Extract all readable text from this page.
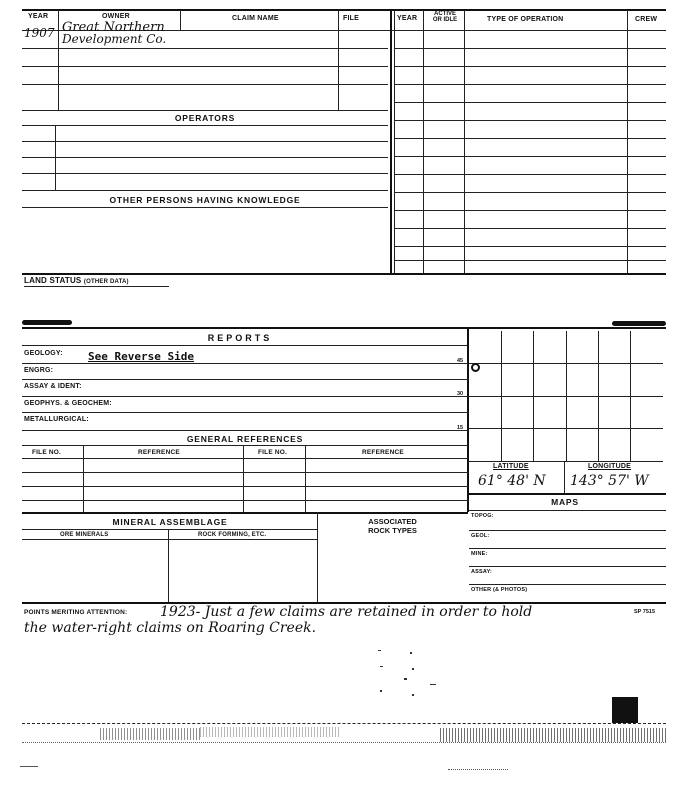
YEAR	OWNER	CLAIM NAME	FILE	YEAR
ACTIVE
OR IDLE	TYPE OF OPERATION	CREW
1907 Great Northern
Development Co.
OPERATORS
OTHER PERSONS HAVING KNOWLEDGE
LAND STATUS (OTHER DATA)
REPORTS
GEOLOGY: See Reverse Side
ENGRG:
ASSAY & IDENT:
GEOPHYS. & GEOCHEM:
METALLURGICAL:
45
30
15
GENERAL REFERENCES
FILE NO.	REFERENCE	FILE NO.	REFERENCE
LATITUDE	LONGITUDE
61° 48' N 143° 57' W
MAPS
TOPOG:
GEOL:
MINE:
ASSAY:
OTHER (& PHOTOS)
MINERAL ASSEMBLAGE	ASSOCIATED
ROCK TYPES
ORE MINERALS	ROCK FORMING, ETC.
POINTS MERITING ATTENTION: 1923- Just a few claims are retained in order to hold
the water-right claims on Roaring Creek.
SP 7515
